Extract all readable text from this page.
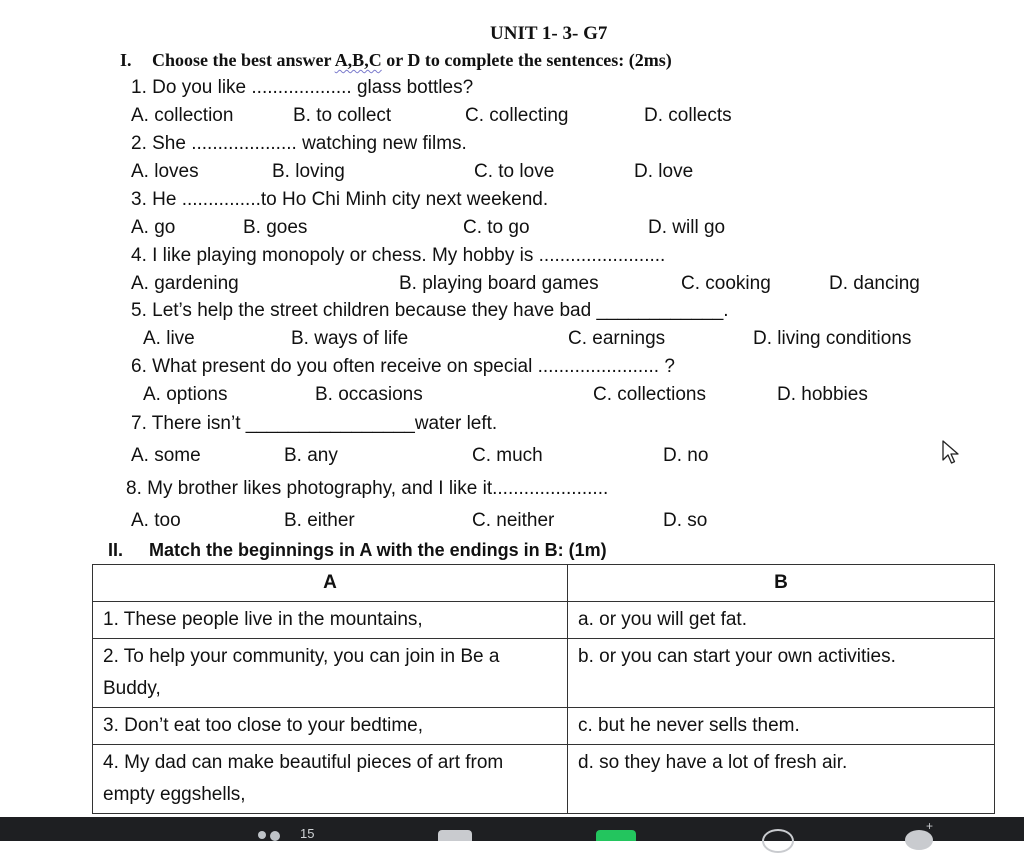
UNIT 1- 3- G7
I. Choose the best answer A,B,C or D to complete the sentences: (2ms)
1. Do you like ................... glass bottles?
A. collection	B. to collect	C. collecting	D. collects
2. She .................... watching new films.
A. loves	B. loving	C. to love	D. love
3. He ...............to Ho Chi Minh city next weekend.
A. go	B. goes	C. to go	D. will go
4. I like playing monopoly or chess. My hobby is ........................
A. gardening	B. playing board games	C. cooking	D. dancing
5. Let’s help the street children because they have bad ____________.
A. live	B. ways of life	C. earnings	D. living conditions
6. What present do you often receive on special ....................... ?
A. options	B. occasions	C. collections	D. hobbies
7. There isn’t ________________water left.
A. some	B. any	C. much	D. no
8. My brother likes photography, and I like it......................
A. too	B. either	C. neither	D. so
II. Match the beginnings in A with the endings in B: (1m)
A	B
1. These people live in the mountains,	a. or you will get fat.
2. To help your community, you can join in Be a Buddy,	b. or you can start your own activities.
3. Don’t eat too close to your bedtime,	c. but he never sells them.
4. My dad can make beautiful pieces of art from empty eggshells,	d. so they have a lot of fresh air.
15	+
